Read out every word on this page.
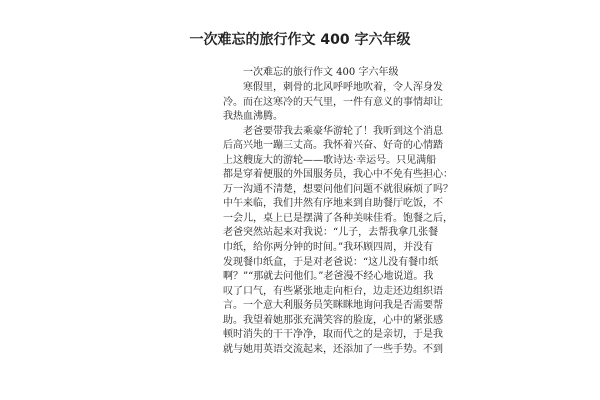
一次难忘的旅行作文 400 字六年级
一次难忘的旅行作文 400 字六年级
寒假里，刺骨的北风呼呼地吹着，令人浑身发
冷。而在这寒冷的天气里，一件有意义的事情却让
我热血沸腾。
老爸要带我去乘豪华游轮了！我听到这个消息
后高兴地一蹦三丈高。我怀着兴奋、好奇的心情踏
上这艘庞大的游轮——歌诗达·幸运号。只见满船
都是穿着便服的外国服务员，我心中不免有些担心：
万一沟通不清楚，想要问他们问题不就很麻烦了吗？
中午来临，我们井然有序地来到自助餐厅吃饭，不
一会儿，桌上已是摆满了各种美味佳肴。饱餐之后，
老爸突然站起来对我说：“儿子，去帮我拿几张餐
巾纸，给你两分钟的时间。”我环顾四周，并没有
发现餐巾纸盒，于是对老爸说：“这儿没有餐巾纸
啊？”“那就去问他们。”老爸漫不经心地说道。我
叹了口气，有些紧张地走向柜台，边走还边组织语
言。一个意大利服务员笑眯眯地询问我是否需要帮
助。我望着她那张充满笑容的脸庞，心中的紧张感
顿时消失的干干净净，取而代之的是亲切，于是我
就与她用英语交流起来，还添加了一些手势。不到
